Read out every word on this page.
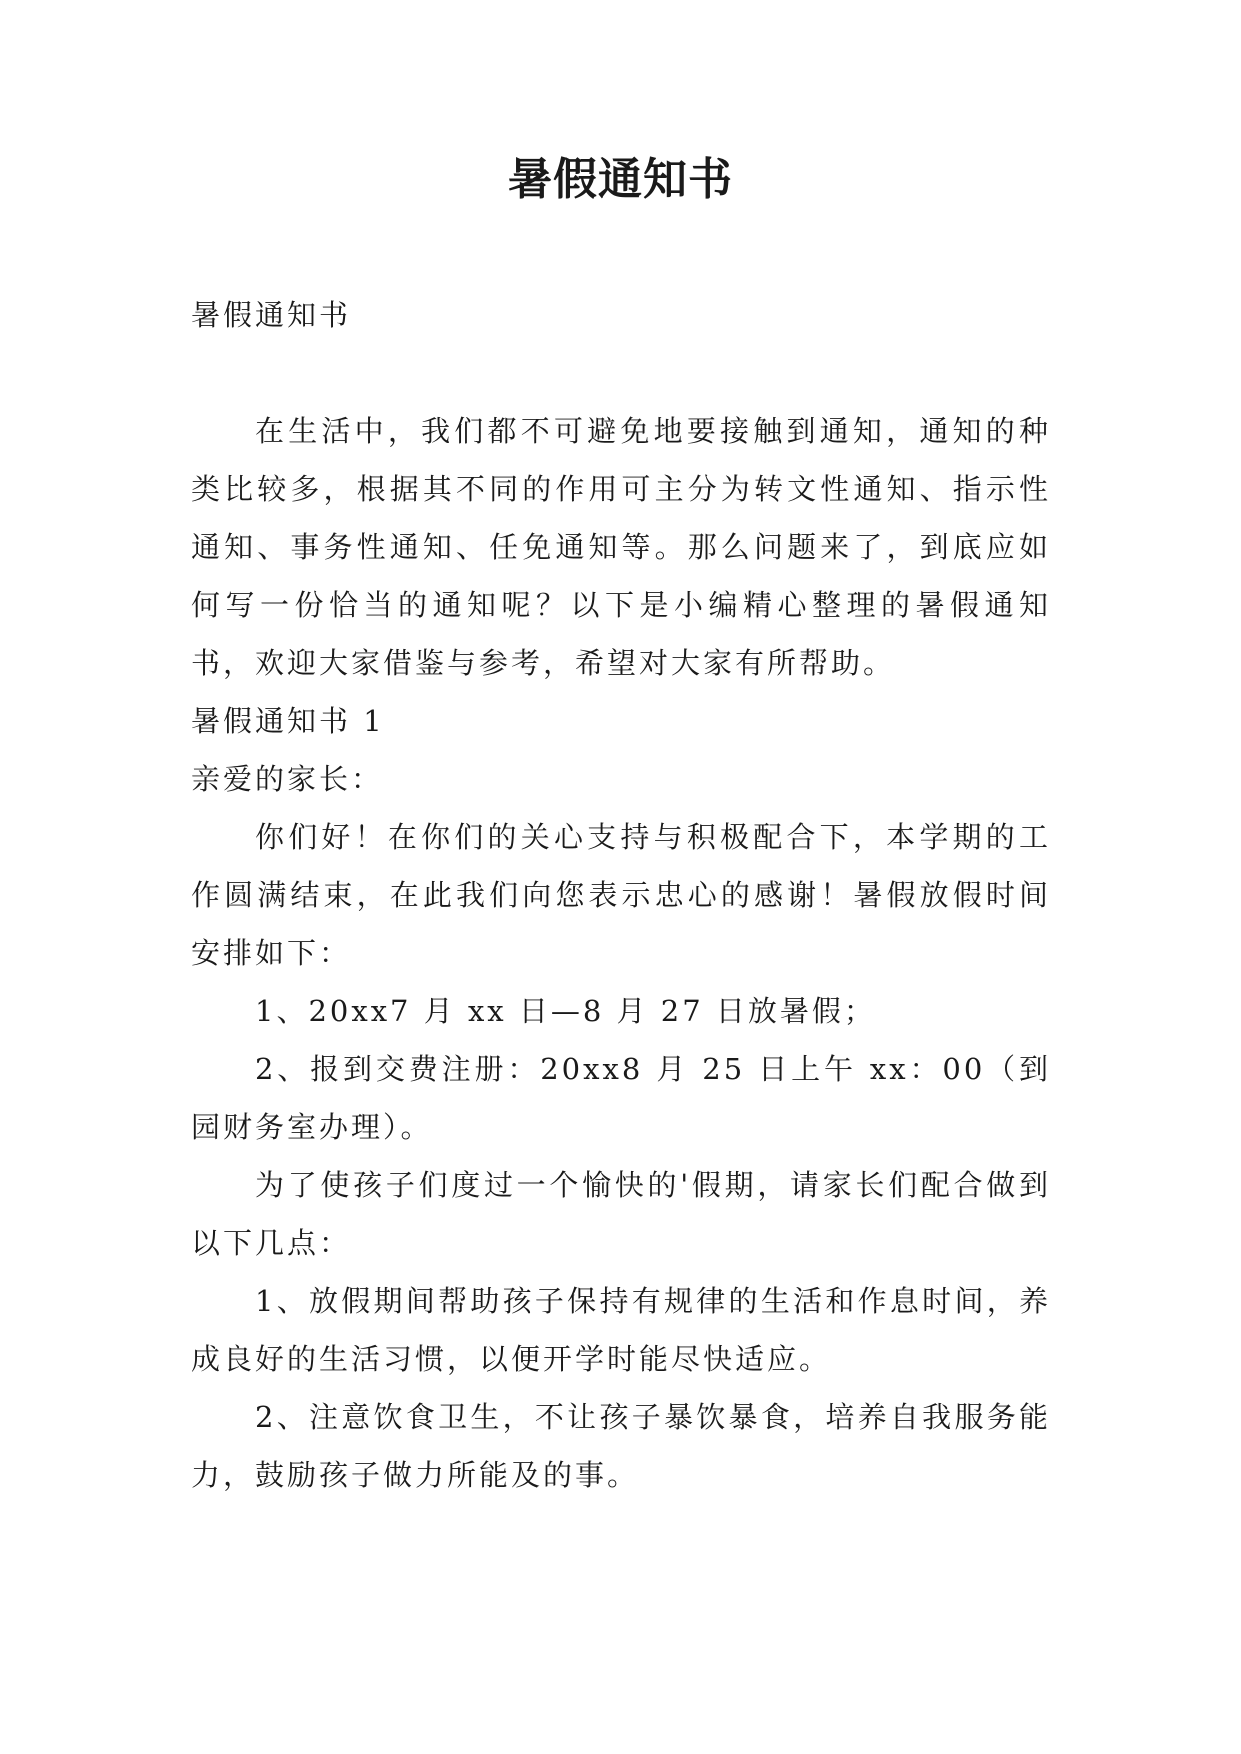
暑假通知书

暑假通知书

在生活中，我们都不可避免地要接触到通知，通知的种类比较多，根据其不同的作用可主分为转文性通知、指示性通知、事务性通知、任免通知等。那么问题来了，到底应如何写一份恰当的通知呢？以下是小编精心整理的暑假通知书，欢迎大家借鉴与参考，希望对大家有所帮助。

暑假通知书 1

亲爱的家长：

你们好！在你们的关心支持与积极配合下，本学期的工作圆满结束，在此我们向您表示忠心的感谢！暑假放假时间安排如下：

1、20xx7 月 xx 日—8 月 27 日放暑假；

2、报到交费注册：20xx8 月 25 日上午 xx：00（到园财务室办理）。

为了使孩子们度过一个愉快的'假期，请家长们配合做到以下几点：

1、放假期间帮助孩子保持有规律的生活和作息时间，养成良好的生活习惯，以便开学时能尽快适应。

2、注意饮食卫生，不让孩子暴饮暴食，培养自我服务能力，鼓励孩子做力所能及的事。
